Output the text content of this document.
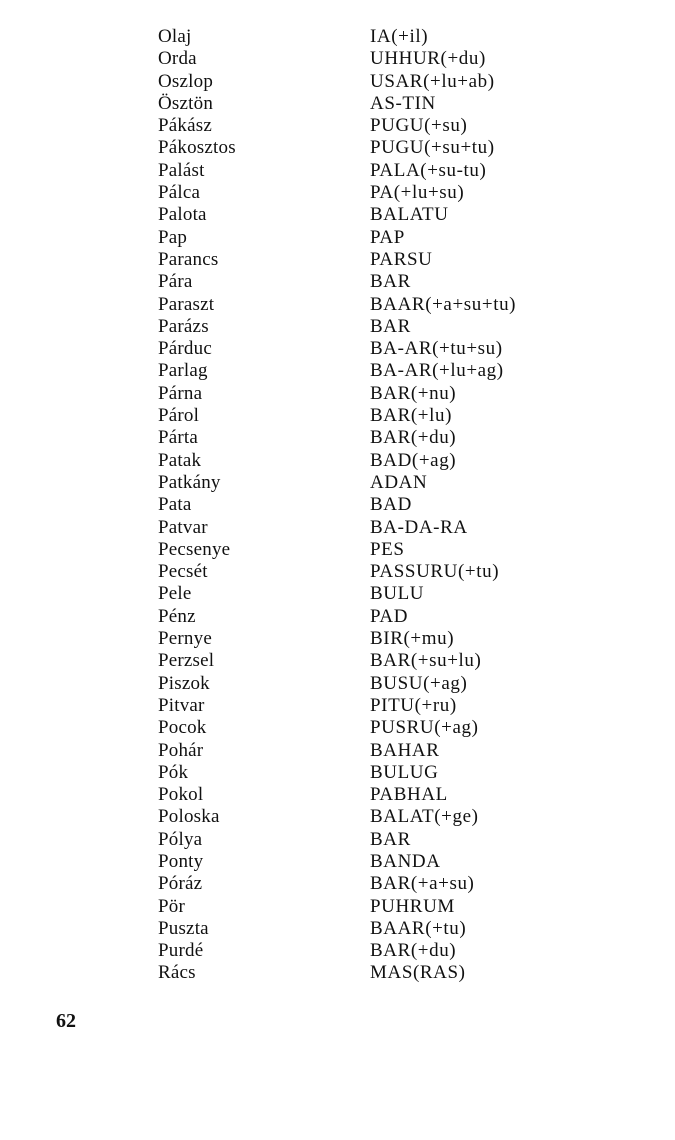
Olaj	IA(+il)
Orda	UHHUR(+du)
Oszlop	USAR(+lu+ab)
Ösztön	AS-TIN
Pákász	PUGU(+su)
Pákosztos	PUGU(+su+tu)
Palást	PALA(+su-tu)
Pálca	PA(+lu+su)
Palota	BALATU
Pap	PAP
Parancs	PARSU
Pára	BAR
Paraszt	BAAR(+a+su+tu)
Parázs	BAR
Párduc	BA-AR(+tu+su)
Parlag	BA-AR(+lu+ag)
Párna	BAR(+nu)
Párol	BAR(+lu)
Párta	BAR(+du)
Patak	BAD(+ag)
Patkány	ADAN
Pata	BAD
Patvar	BA-DA-RA
Pecsenye	PES
Pecsét	PASSURU(+tu)
Pele	BULU
Pénz	PAD
Pernye	BIR(+mu)
Perzsel	BAR(+su+lu)
Piszok	BUSU(+ag)
Pitvar	PITU(+ru)
Pocok	PUSRU(+ag)
Pohár	BAHAR
Pók	BULUG
Pokol	PABHAL
Poloska	BALAT(+ge)
Pólya	BAR
Ponty	BANDA
Póráz	BAR(+a+su)
Pör	PUHRUM
Puszta	BAAR(+tu)
Purdé	BAR(+du)
Rács	MAS(RAS)
62
